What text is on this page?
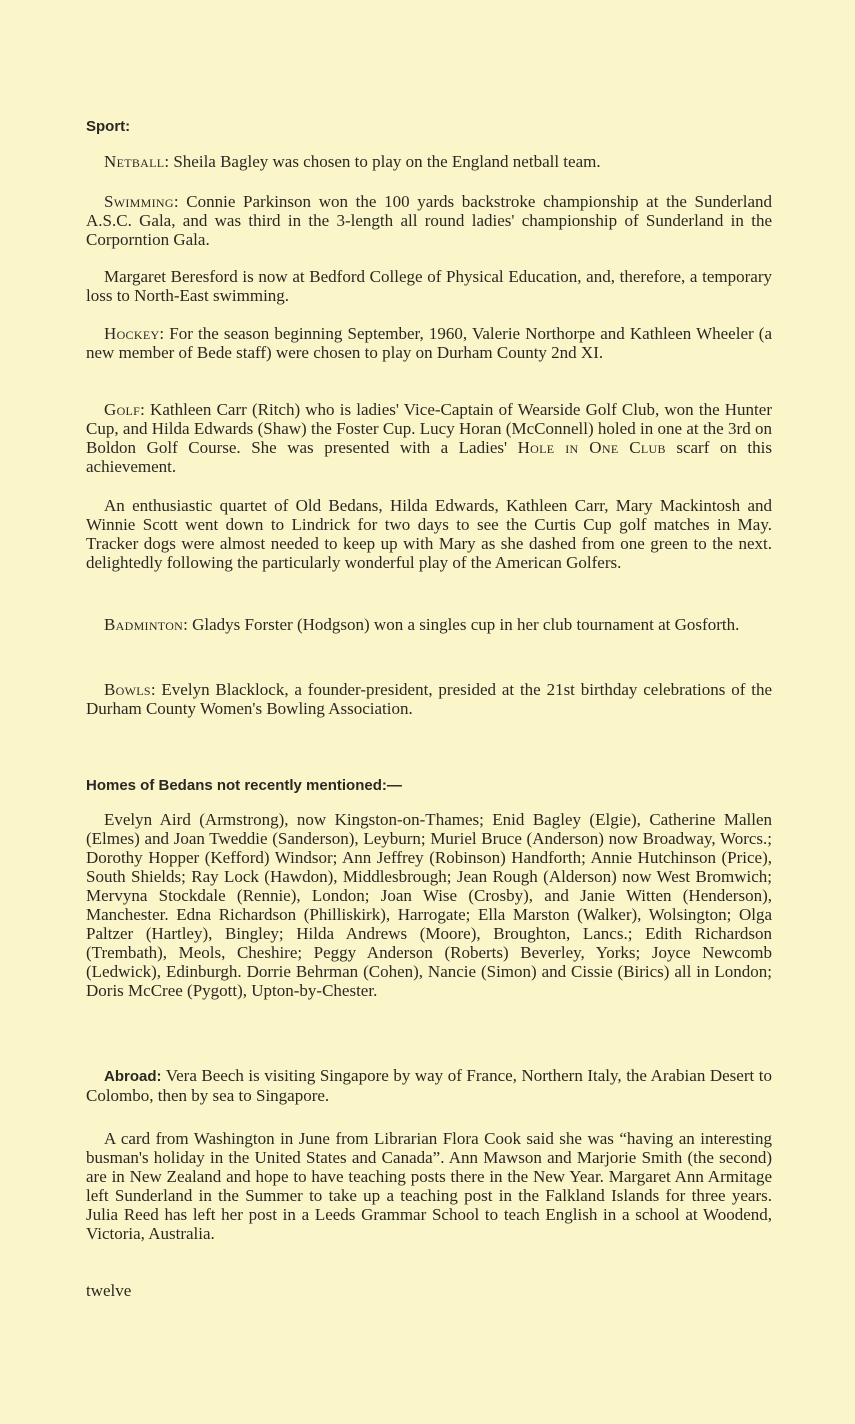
Sport:

Netball: Sheila Bagley was chosen to play on the England netball team.

Swimming: Connie Parkinson won the 100 yards backstroke championship at the Sunderland A.S.C. Gala, and was third in the 3-length all round ladies' championship of Sunderland in the Corporntion Gala.

Margaret Beresford is now at Bedford College of Physical Education, and, therefore, a temporary loss to North-East swimming.

Hockey: For the season beginning September, 1960, Valerie Northorpe and Kathleen Wheeler (a new member of Bede staff) were chosen to play on Durham County 2nd XI.

Golf: Kathleen Carr (Ritch) who is ladies' Vice-Captain of Wearside Golf Club, won the Hunter Cup, and Hilda Edwards (Shaw) the Foster Cup. Lucy Horan (McConnell) holed in one at the 3rd on Boldon Golf Course. She was presented with a Ladies' Hole in One Club scarf on this achievement.

An enthusiastic quartet of Old Bedans, Hilda Edwards, Kathleen Carr, Mary Mackintosh and Winnie Scott went down to Lindrick for two days to see the Curtis Cup golf matches in May. Tracker dogs were almost needed to keep up with Mary as she dashed from one green to the next. delightedly following the particularly wonderful play of the American Golfers.

Badminton: Gladys Forster (Hodgson) won a singles cup in her club tournament at Gosforth.

Bowls: Evelyn Blacklock, a founder-president, presided at the 21st birthday celebrations of the Durham County Women's Bowling Association.

Homes of Bedans not recently mentioned:—

Evelyn Aird (Armstrong), now Kingston-on-Thames; Enid Bagley (Elgie), Catherine Mallen (Elmes) and Joan Tweddie (Sanderson), Leyburn; Muriel Bruce (Anderson) now Broadway, Worcs.; Dorothy Hopper (Kefford) Windsor; Ann Jeffrey (Robinson) Handforth; Annie Hutchinson (Price), South Shields; Ray Lock (Hawdon), Middlesbrough; Jean Rough (Alderson) now West Bromwich; Mervyna Stockdale (Rennie), London; Joan Wise (Crosby), and Janie Witten (Henderson), Manchester. Edna Richardson (Philliskirk), Harrogate; Ella Marston (Walker), Wolsington; Olga Paltzer (Hartley), Bingley; Hilda Andrews (Moore), Broughton, Lancs.; Edith Richardson (Trembath), Meols, Cheshire; Peggy Anderson (Roberts) Beverley, Yorks; Joyce Newcomb (Ledwick), Edinburgh. Dorrie Behrman (Cohen), Nancie (Simon) and Cissie (Birics) all in London; Doris McCree (Pygott), Upton-by-Chester.

Abroad: Vera Beech is visiting Singapore by way of France, Northern Italy, the Arabian Desert to Colombo, then by sea to Singapore.

A card from Washington in June from Librarian Flora Cook said she was “having an interesting busman's holiday in the United States and Canada”. Ann Mawson and Marjorie Smith (the second) are in New Zealand and hope to have teaching posts there in the New Year. Margaret Ann Armitage left Sunderland in the Summer to take up a teaching post in the Falkland Islands for three years. Julia Reed has left her post in a Leeds Grammar School to teach English in a school at Woodend, Victoria, Australia.

twelve
